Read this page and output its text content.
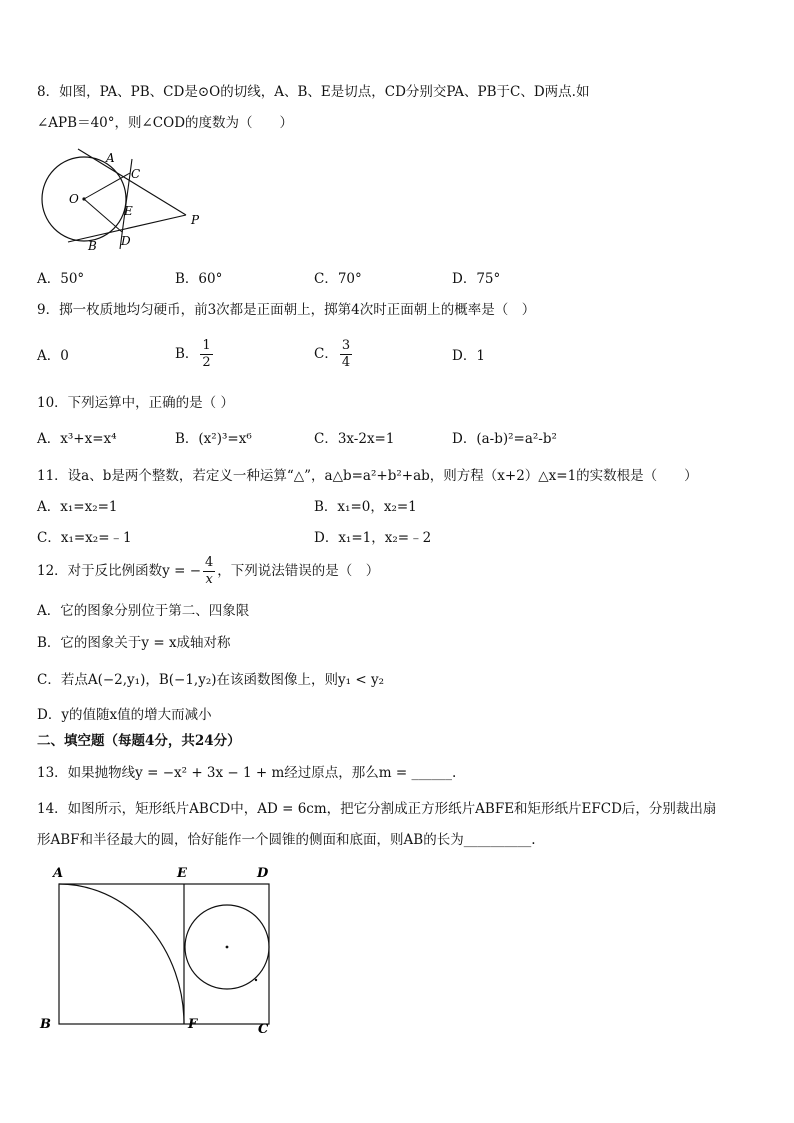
8．如图，PA、PB、CD是⊙O的切线，A、B、E是切点，CD分别交PA、PB于C、D两点.如
∠APB＝40°，则∠COD的度数为（　　）
A
C
O
E
P
B D
A．50°	B．60°	C．70°	D．75°
9．掷一枚质地均匀硬币，前3次都是正面朝上，掷第4次时正面朝上的概率是（　）
A．0	B． $\frac{1}{2}$	C． $\frac{3}{4}$	D．1
10．下列运算中，正确的是（ ）
A．x³+x=x⁴	B．(x²)³=x⁶	C．3x-2x=1	D．(a-b)²=a²-b²
11．设a、b是两个整数，若定义一种运算“△”，a△b=a²+b²+ab，则方程（x+2）△x=1的实数根是（　　）
A．x₁=x₂=1	B．x₁=0，x₂=1
C．x₁=x₂=﹣1	D．x₁=1，x₂=﹣2
12．对于反比例函数y = − $\frac{4}{x}$ ，下列说法错误的是（　）
A．它的图象分别位于第二、四象限
B．它的图象关于y = x成轴对称
C．若点A(−2,y₁)，B(−1,y₂)在该函数图像上，则y₁ < y₂
D．y的值随x值的增大而减小
二、填空题（每题4分，共24分）
13．如果抛物线y = −x² + 3x − 1 + m经过原点，那么m = ______.
14．如图所示，矩形纸片ABCD中，AD = 6cm，把它分割成正方形纸片ABFE和矩形纸片EFCD后，分别裁出扇
形ABF和半径最大的圆，恰好能作一个圆锥的侧面和底面，则AB的长为__________.
A	E	D
B	F	C
